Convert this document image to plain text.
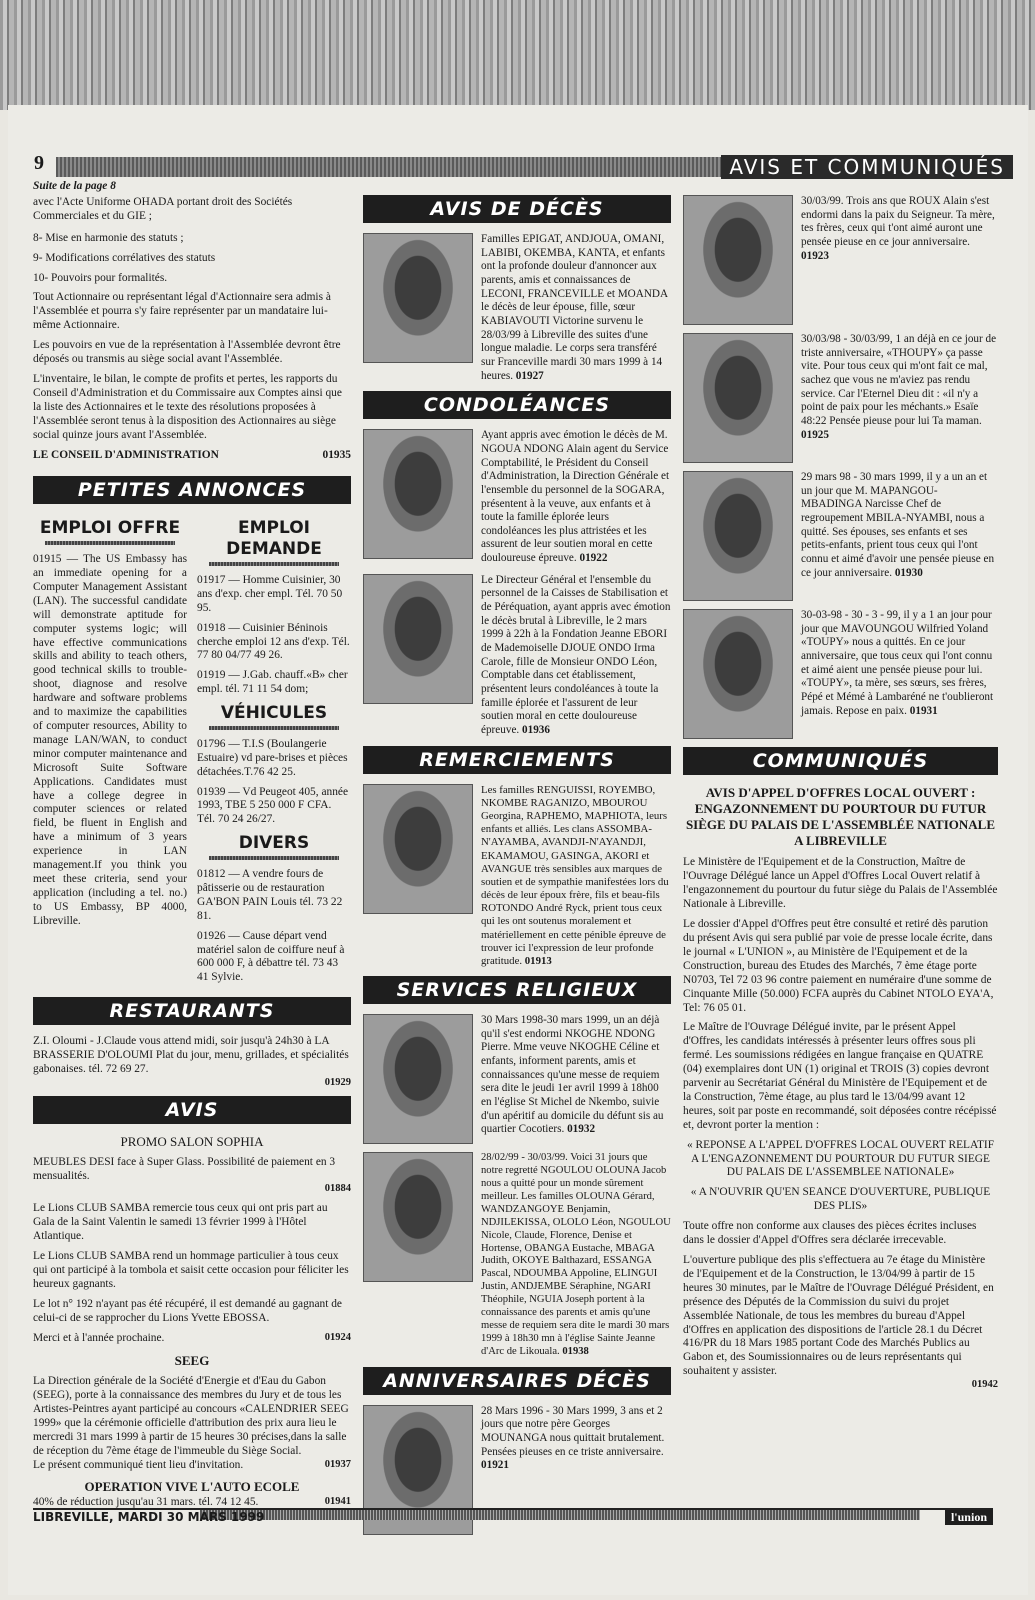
9	AVIS ET COMMUNIQUÉS

Suite de la page 8

avec l'Acte Uniforme OHADA portant droit des Sociétés Commerciales et du GIE ;

8- Mise en harmonie des statuts ;

9- Modifications corrélatives des statuts

10- Pouvoirs pour formalités.

Tout Actionnaire ou représentant légal d'Actionnaire sera admis à l'Assemblée et pourra s'y faire représenter par un mandataire lui-même Actionnaire.

Les pouvoirs en vue de la représentation à l'Assemblée devront être déposés ou transmis au siège social avant l'Assemblée.

L'inventaire, le bilan, le compte de profits et pertes, les rapports du Conseil d'Administration et du Commissaire aux Comptes ainsi que la liste des Actionnaires et le texte des résolutions proposées à l'Assemblée seront tenus à la disposition des Actionnaires au siège social quinze jours avant l'Assemblée.

LE CONSEIL D'ADMINISTRATION	01935
PETITES ANNONCES
EMPLOI OFFRE

01915 — The US Embassy has an immediate opening for a Computer Management Assistant (LAN). The successful candidate will demonstrate aptitude for computer systems logic; will have effective communications skills and ability to teach others, good technical skills to trouble-shoot, diagnose and resolve hardware and software problems and to maximize the capabilities of computer resources, Ability to manage LAN/WAN, to conduct minor computer maintenance and Microsoft Suite Software Applications. Candidates must have a college degree in computer sciences or related field, be fluent in English and have a minimum of 3 years experience in LAN management.If you think you meet these criteria, send your application (including a tel. no.) to US Embassy, BP 4000, Libreville.

EMPLOI DEMANDE

01917 — Homme Cuisinier, 30 ans d'exp. cher empl. Tél. 70 50 95.

01918 — Cuisinier Béninois cherche emploi 12 ans d'exp. Tél. 77 80 04/77 49 26.

01919 — J.Gab. chauff.«B» cher empl. tél. 71 11 54 dom;

VÉHICULES

01796 — T.I.S (Boulangerie Estuaire) vd pare-brises et pièces détachées.T.76 42 25.

01939 — Vd Peugeot 405, année 1993, TBE 5 250 000 F CFA. Tél. 70 24 26/27.

DIVERS

01812 — A vendre fours de pâtisserie ou de restauration GA'BON PAIN Louis tél. 73 22 81.

01926 — Cause départ vend matériel salon de coiffure neuf à 600 000 F, à débattre tél. 73 43 41 Sylvie.

RESTAURANTS

Z.I. Oloumi - J.Claude vous attend midi, soir jusqu'à 24h30 à LA BRASSERIE D'OLOUMI Plat du jour, menu, grillades, et spécialités gabonaises. tél. 72 69 27.

01929

AVIS

PROMO SALON SOPHIA

MEUBLES DESI face à Super Glass. Possibilité de paiement en 3 mensualités.

01884

Le Lions CLUB SAMBA remercie tous ceux qui ont pris part au Gala de la Saint Valentin le samedi 13 février 1999 à l'Hôtel Atlantique.

Le Lions CLUB SAMBA rend un hommage particulier à tous ceux qui ont participé à la tombola et saisit cette occasion pour féliciter les heureux gagnants.

Le lot n° 192 n'ayant pas été récupéré, il est demandé au gagnant de celui-ci de se rapprocher du Lions Yvette EBOSSA.

Merci et à l'année prochaine.	01924

SEEG

La Direction générale de la Société d'Energie et d'Eau du Gabon (SEEG), porte à la connaissance des membres du Jury et de tous les Artistes-Peintres ayant participé au concours «CALENDRIER SEEG 1999» que la cérémonie officielle d'attribution des prix aura lieu le mercredi 31 mars 1999 à partir de 15 heures 30 précises,dans la salle de réception du 7ème étage de l'immeuble du Siège Social.

Le présent communiqué tient lieu d'invitation.	01937

OPERATION VIVE L'AUTO ECOLE

40% de réduction jusqu'au 31 mars. tél. 74 12 45.	01941
AVIS DE DÉCÈS
Familles EPIGAT, ANDJOUA, OMANI, LABIBI, OKEMBA, KANTA, et enfants ont la profonde douleur d'annoncer aux parents, amis et connaissances de LECONI, FRANCEVILLE et MOANDA le décès de leur épouse, fille, sœur KABIAVOUTI Victorine survenu le 28/03/99 à Libreville des suites d'une longue maladie. Le corps sera transféré sur Franceville mardi 30 mars 1999 à 14 heures. 01927
CONDOLÉANCES
Ayant appris avec émotion le décès de M. NGOUA NDONG Alain agent du Service Comptabilité, le Président du Conseil d'Administration, la Direction Générale et l'ensemble du personnel de la SOGARA, présentent à la veuve, aux enfants et à toute la famille éplorée leurs condoléances les plus attristées et les assurent de leur soutien moral en cette douloureuse épreuve. 01922
Le Directeur Général et l'ensemble du personnel de la Caisses de Stabilisation et de Péréquation, ayant appris avec émotion le décès brutal à Libreville, le 2 mars 1999 à 22h à la Fondation Jeanne EBORI de Mademoiselle DJOUE ONDO Irma Carole, fille de Monsieur ONDO Léon, Comptable dans cet établissement, présentent leurs condoléances à toute la famille éplorée et l'assurent de leur soutien moral en cette douloureuse épreuve. 01936
REMERCIEMENTS
Les familles RENGUISSI, ROYEMBO, NKOMBE RAGANIZO, MBOUROU Georgina, RAPHEMO, MAPHIOTA, leurs enfants et alliés. Les clans ASSOMBA-N'AYAMBA, AVANDJI-N'AYANDJI, EKAMAMOU, GASINGA, AKORI et AVANGUE très sensibles aux marques de soutien et de sympathie manifestées lors du décès de leur époux frère, fils et beau-fils ROTONDO André Ryck, prient tous ceux qui les ont soutenus moralement et matériellement en cette pénible épreuve de trouver ici l'expression de leur profonde gratitude. 01913
SERVICES RELIGIEUX
30 Mars 1998-30 mars 1999, un an déjà qu'il s'est endormi NKOGHE NDONG Pierre. Mme veuve NKOGHE Céline et enfants, informent parents, amis et connaissances qu'une messe de requiem sera dite le jeudi 1er avril 1999 à 18h00 en l'église St Michel de Nkembo, suivie d'un apéritif au domicile du défunt sis au quartier Cocotiers. 01932
28/02/99 - 30/03/99. Voici 31 jours que notre regretté NGOULOU OLOUNA Jacob nous a quitté pour un monde sûrement meilleur. Les familles OLOUNA Gérard, WANDZANGOYE Benjamin, NDJILEKISSA, OLOLO Léon, NGOULOU Nicole, Claude, Florence, Denise et Hortense, OBANGA Eustache, MBAGA Judith, OKOYE Balthazard, ESSANGA Pascal, NDOUMBA Appoline, ELINGUI Justin, ANDJEMBE Séraphine, NGARI Théophile, NGUIA Joseph portent à la connaissance des parents et amis qu'une messe de requiem sera dite le mardi 30 mars 1999 à 18h30 mn à l'église Sainte Jeanne d'Arc de Likouala. 01938
ANNIVERSAIRES DÉCÈS
28 Mars 1996 - 30 Mars 1999, 3 ans et 2 jours que notre père Georges MOUNANGA nous quittait brutalement. Pensées pieuses en ce triste anniversaire. 01921
30/03/99. Trois ans que ROUX Alain s'est endormi dans la paix du Seigneur. Ta mère, tes frères, ceux qui t'ont aimé auront une pensée pieuse en ce jour anniversaire. 01923
30/03/98 - 30/03/99, 1 an déjà en ce jour de triste anniversaire, «THOUPY» ça passe vite. Pour tous ceux qui m'ont fait ce mal, sachez que vous ne m'aviez pas rendu service. Car l'Eternel Dieu dit : «il n'y a point de paix pour les méchants.» Esaïe 48:22 Pensée pieuse pour lui Ta maman. 01925
29 mars 98 - 30 mars 1999, il y a un an et un jour que M. MAPANGOU-MBADINGA Narcisse Chef de regroupement MBILA-NYAMBI, nous a quitté. Ses épouses, ses enfants et ses petits-enfants, prient tous ceux qui l'ont connu et aimé d'avoir une pensée pieuse en ce jour anniversaire. 01930
30-03-98 - 30 - 3 - 99, il y a 1 an jour pour jour que MAVOUNGOU Wilfried Yoland «TOUPY» nous a quittés. En ce jour anniversaire, que tous ceux qui l'ont connu et aimé aient une pensée pieuse pour lui. «TOUPY», ta mère, ses sœurs, ses frères, Pépé et Mémé à Lambaréné ne t'oublieront jamais. Repose en paix. 01931
COMMUNIQUÉS

AVIS D'APPEL D'OFFRES LOCAL OUVERT : ENGAZONNEMENT DU POURTOUR DU FUTUR SIÈGE DU PALAIS DE L'ASSEMBLÉE NATIONALE A LIBREVILLE

Le Ministère de l'Equipement et de la Construction, Maître de l'Ouvrage Délégué lance un Appel d'Offres Local Ouvert relatif à l'engazonnement du pourtour du futur siège du Palais de l'Assemblée Nationale à Libreville.

Le dossier d'Appel d'Offres peut être consulté et retiré dès parution du présent Avis qui sera publié par voie de presse locale écrite, dans le journal « L'UNION », au Ministère de l'Equipement et de la Construction, bureau des Etudes des Marchés, 7 ème étage porte N0703, Tel 72 03 96 contre paiement en numéraire d'une somme de Cinquante Mille (50.000) FCFA auprès du Cabinet NTOLO EYA'A, Tel: 76 05 01.

Le Maître de l'Ouvrage Délégué invite, par le présent Appel d'Offres, les candidats intéressés à présenter leurs offres sous pli fermé. Les soumissions rédigées en langue française en QUATRE (04) exemplaires dont UN (1) original et TROIS (3) copies devront parvenir au Secrétariat Général du Ministère de l'Equipement et de la Construction, 7ème étage, au plus tard le 13/04/99 avant 12 heures, soit par poste en recommandé, soit déposées contre récépissé et, devront porter la mention :

« REPONSE A L'APPEL D'OFFRES LOCAL OUVERT RELATIF A L'ENGAZONNEMENT DU POURTOUR DU FUTUR SIEGE DU PALAIS DE L'ASSEMBLEE NATIONALE»

« A N'OUVRIR QU'EN SEANCE D'OUVERTURE, PUBLIQUE DES PLIS»

Toute offre non conforme aux clauses des pièces écrites incluses dans le dossier d'Appel d'Offres sera déclarée irrecevable.

L'ouverture publique des plis s'effectuera au 7e étage du Ministère de l'Equipement et de la Construction, le 13/04/99 à partir de 15 heures 30 minutes, par le Maître de l'Ouvrage Délégué Président, en présence des Députés de la Commission du suivi du projet Assemblée Nationale, de tous les membres du bureau d'Appel d'Offres en application des dispositions de l'article 28.1 du Décret 416/PR du 18 Mars 1985 portant Code des Marchés Publics au Gabon et, des Soumissionnaires ou de leurs représentants qui souhaitent y assister.

01942

LIBREVILLE, MARDI 30 MARS 1999	l'union
